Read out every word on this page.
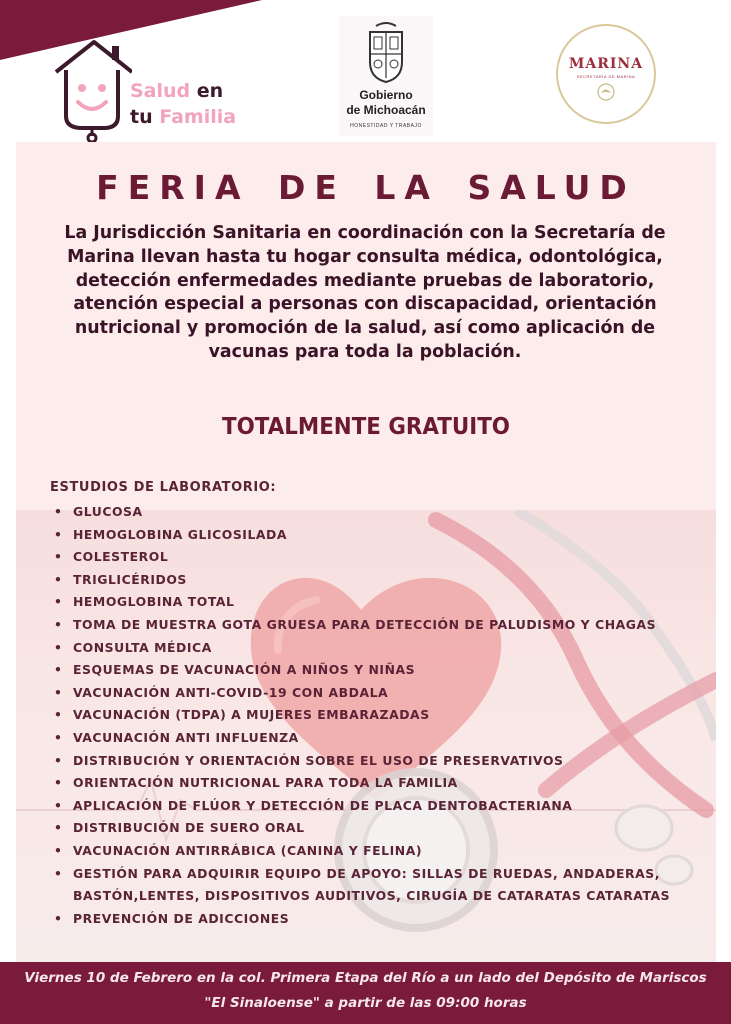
Salud en
tu Familia
Gobierno
de Michoacán
HONESTIDAD Y TRABAJO
MARINA
SECRETARÍA DE MARINA
FERIA DE LA SALUD
La Jurisdicción Sanitaria en coordinación con la Secretaría de
Marina llevan hasta tu hogar consulta médica, odontológica,
detección enfermedades mediante pruebas de laboratorio,
atención especial a personas con discapacidad, orientación
nutricional y promoción de la salud, así como aplicación de
vacunas para toda la población.
TOTALMENTE GRATUITO
ESTUDIOS DE LABORATORIO:
• GLUCOSA
• HEMOGLOBINA GLICOSILADA
• COLESTEROL
• TRIGLICÉRIDOS
• HEMOGLOBINA TOTAL
• TOMA DE MUESTRA GOTA GRUESA PARA DETECCIÓN DE PALUDISMO Y CHAGAS
• CONSULTA MÉDICA
• ESQUEMAS DE VACUNACIÓN A NIÑOS Y NIÑAS
• VACUNACIÓN ANTI-COVID-19 CON ABDALA
• VACUNACIÓN (TDPA) A MUJERES EMBARAZADAS
• VACUNACIÓN ANTI INFLUENZA
• DISTRIBUCIÓN Y ORIENTACIÓN SOBRE EL USO DE PRESERVATIVOS
• ORIENTACIÓN NUTRICIONAL PARA TODA LA FAMILIA
• APLICACIÓN DE FLÚOR Y DETECCIÓN DE PLACA DENTOBACTERIANA
• DISTRIBUCIÓN DE SUERO ORAL
• VACUNACIÓN ANTIRRÁBICA (CANINA Y FELINA)
• GESTIÓN PARA ADQUIRIR EQUIPO DE APOYO: SILLAS DE RUEDAS, ANDADERAS,
BASTÓN,LENTES, DISPOSITIVOS AUDITIVOS, CIRUGÍA DE CATARATAS CATARATAS
• PREVENCIÓN DE ADICCIONES
Viernes 10 de Febrero en la col. Primera Etapa del Río a un lado del Depósito de Mariscos
"El Sinaloense" a partir de las 09:00 horas
